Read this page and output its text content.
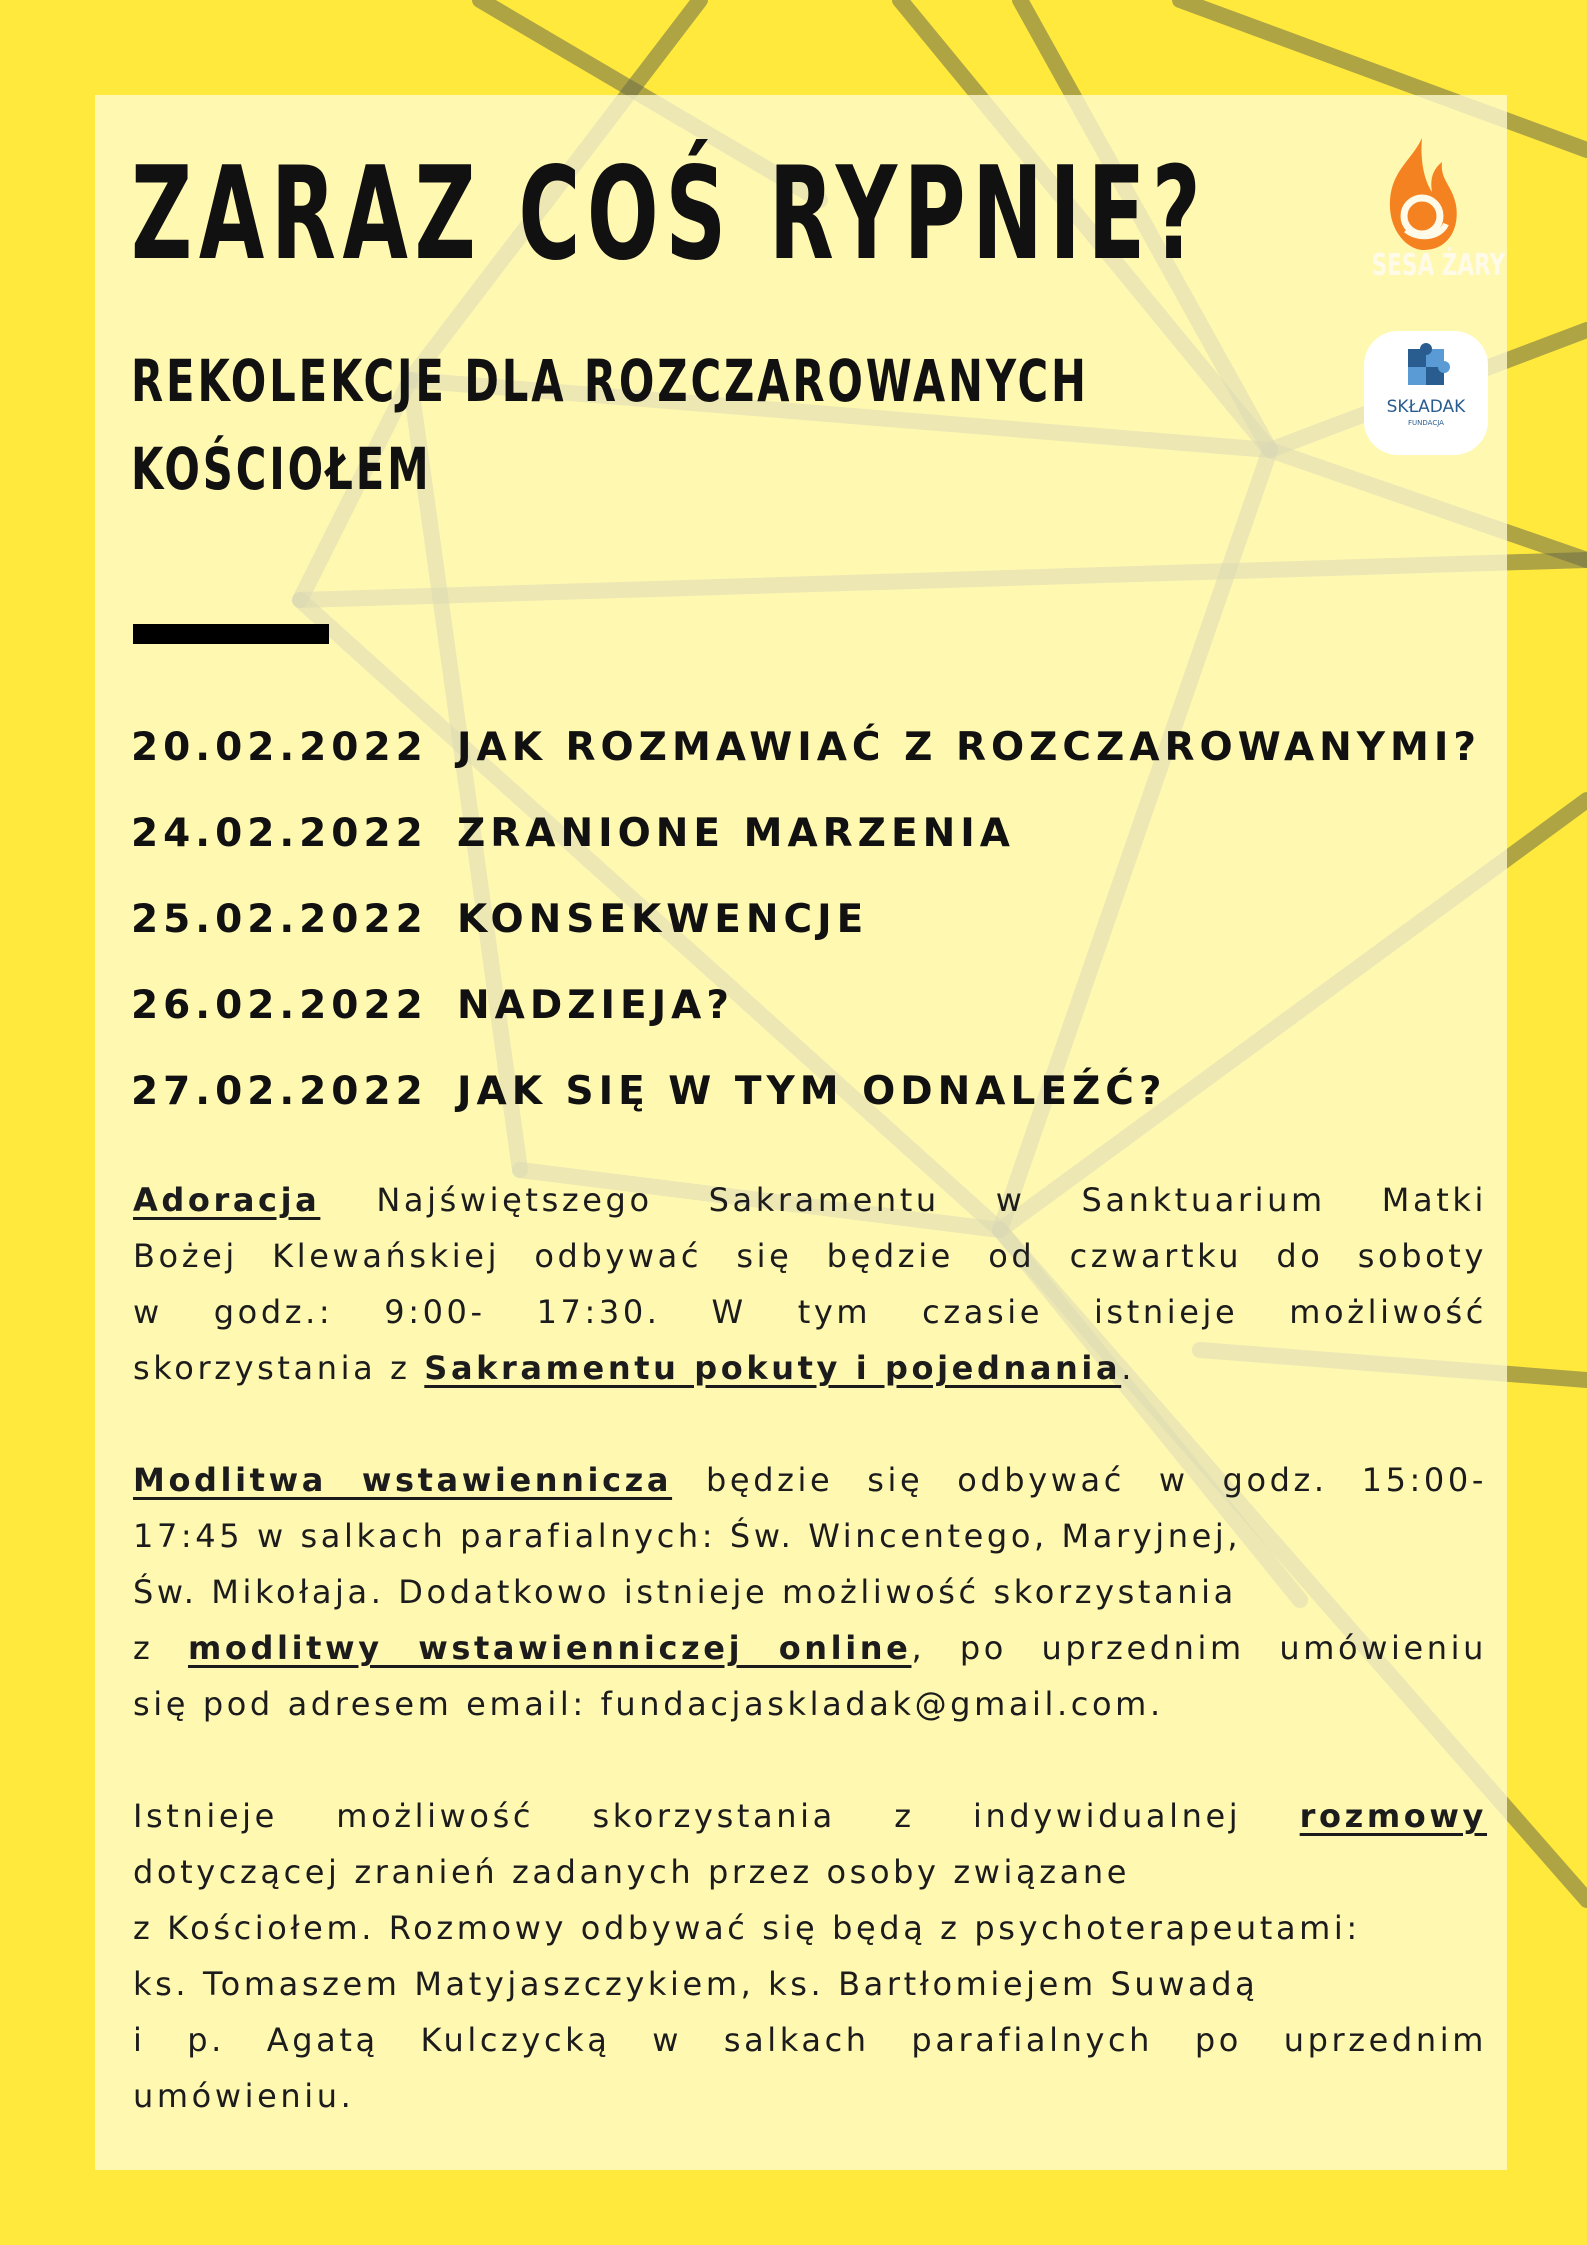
ZARAZ COŚ RYPNIE?
REKOLEKCJE DLA ROZCZAROWANYCH
KOŚCIOŁEM
SESA ŻARY
SKŁADAK
FUNDACJA
20.02.2022 JAK ROZMAWIAĆ Z ROZCZAROWANYMI?
24.02.2022 ZRANIONE MARZENIA
25.02.2022 KONSEKWENCJE
26.02.2022 NADZIEJA?
27.02.2022 JAK SIĘ W TYM ODNALEŹĆ?
Adoracja Najświętszego Sakramentu w Sanktuarium Matki
Bożej Klewańskiej odbywać się będzie od czwartku do soboty
w godz.: 9:00- 17:30. W tym czasie istnieje możliwość
skorzystania z Sakramentu pokuty i pojednania.
Modlitwa wstawiennicza będzie się odbywać w godz. 15:00-
17:45 w salkach parafialnych: Św. Wincentego, Maryjnej,
Św. Mikołaja. Dodatkowo istnieje możliwość skorzystania
z modlitwy wstawienniczej online, po uprzednim umówieniu
się pod adresem email: fundacjaskladak@gmail.com.
Istnieje możliwość skorzystania z indywidualnej rozmowy
dotyczącej zranień zadanych przez osoby związane
z Kościołem. Rozmowy odbywać się będą z psychoterapeutami:
ks. Tomaszem Matyjaszczykiem, ks. Bartłomiejem Suwadą
i p. Agatą Kulczycką w salkach parafialnych po uprzednim
umówieniu.
